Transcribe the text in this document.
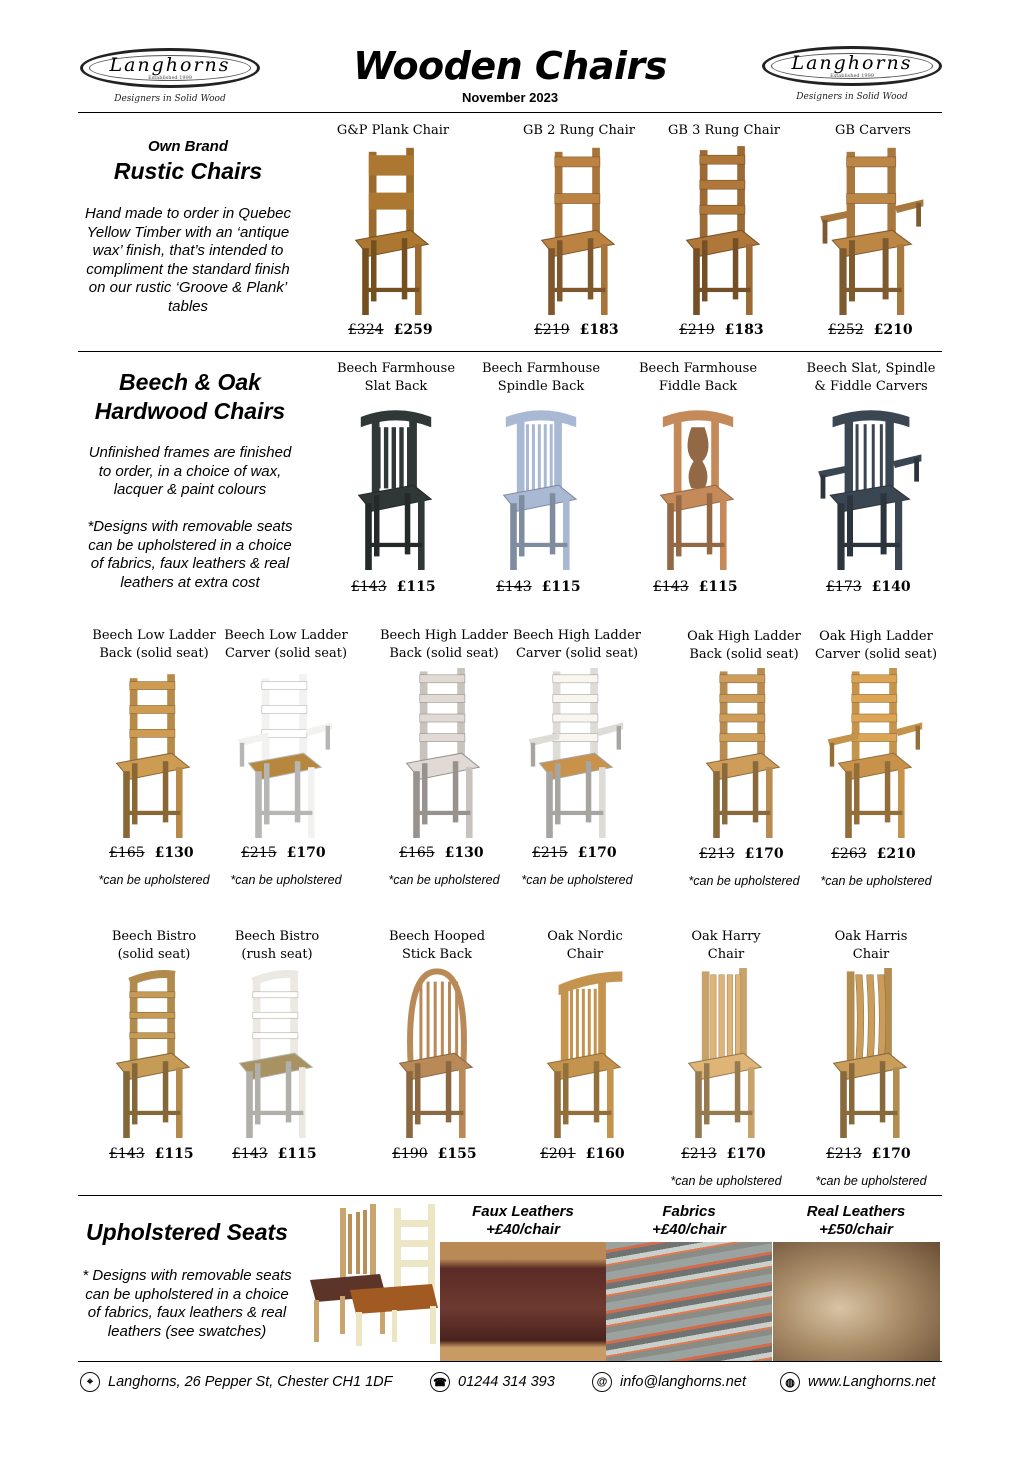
Langhorns
Established 1999
Designers in Solid Wood
Langhorns
Established 1999
Designers in Solid Wood
Wooden Chairs
November 2023
Own Brand
Rustic Chairs
Hand made to order in Quebec Yellow Timber with an ‘antique wax’ finish, that’s intended to compliment the standard finish on our rustic ‘Groove & Plank’ tables
G&P Plank Chair
£324 £259
GB 2 Rung Chair
£219 £183
GB 3 Rung Chair
£219 £183
GB Carvers
£252 £210
Beech & Oak
Hardwood Chairs
Unfinished frames are finished to order, in a choice of wax, lacquer & paint colours
*Designs with removable seats can be upholstered in a choice of fabrics, faux leathers & real leathers at extra cost
Beech Farmhouse
Slat Back
£143 £115
Beech Farmhouse
Spindle Back
£143 £115
Beech Farmhouse
Fiddle Back
£143 £115
Beech Slat, Spindle
& Fiddle Carvers
£173 £140
Beech Low Ladder
Back (solid seat)
£165 £130
*can be upholstered
Beech Low Ladder
Carver (solid seat)
£215 £170
*can be upholstered
Beech High Ladder
Back (solid seat)
£165 £130
*can be upholstered
Beech High Ladder
Carver (solid seat)
£215 £170
*can be upholstered
Oak High Ladder
Back (solid seat)
£213 £170
*can be upholstered
Oak High Ladder
Carver (solid seat)
£263 £210
*can be upholstered
Beech Bistro
(solid seat)
£143 £115
Beech Bistro
(rush seat)
£143 £115
Beech Hooped
Stick Back
£190 £155
Oak Nordic
Chair
£201 £160
Oak Harry
Chair
£213 £170
*can be upholstered
Oak Harris
Chair
£213 £170
*can be upholstered
Upholstered Seats
* Designs with removable seats can be upholstered in a choice of fabrics, faux leathers & real leathers (see swatches)
Faux Leathers
+£40/chair
Fabrics
+£40/chair
Real Leathers
+£50/chair
⌖	Langhorns, 26 Pepper St, Chester CH1 1DF	☎ 01244 314 393	@ info@langhorns.net	◍ www.Langhorns.net
